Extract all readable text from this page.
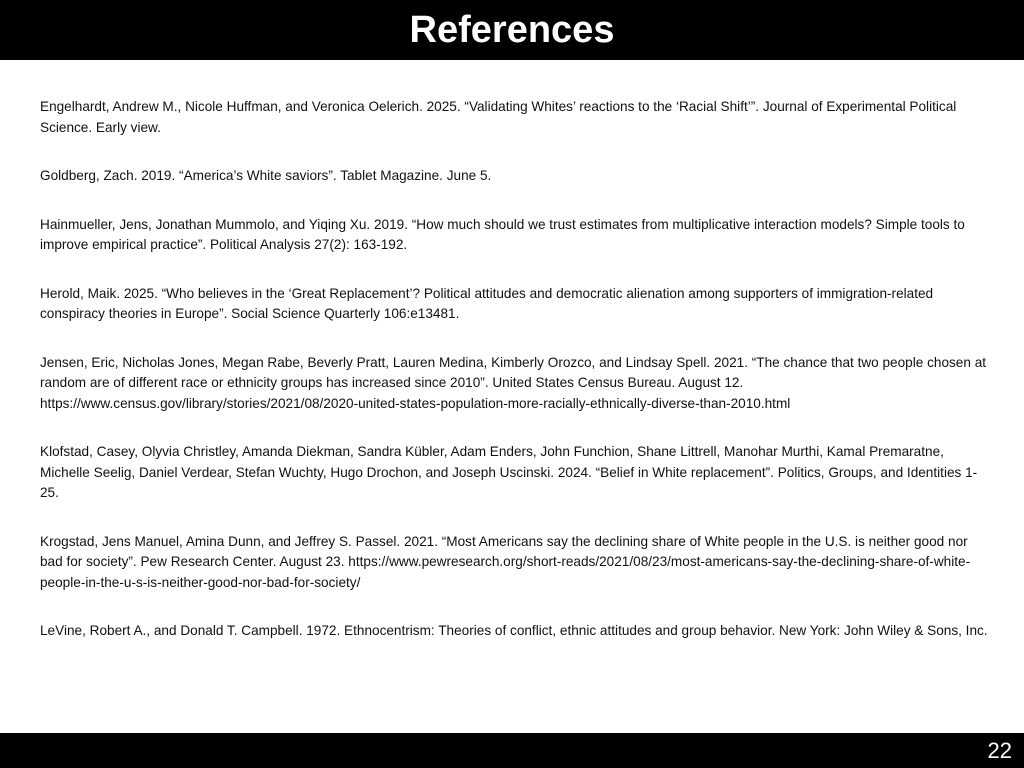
References

Engelhardt, Andrew M., Nicole Huffman, and Veronica Oelerich. 2025. “Validating Whites’ reactions to the ‘Racial Shift’”. Journal of Experimental Political Science. Early view.

Goldberg, Zach. 2019. “America’s White saviors”. Tablet Magazine. June 5.

Hainmueller, Jens, Jonathan Mummolo, and Yiqing Xu. 2019. “How much should we trust estimates from multiplicative interaction models? Simple tools to improve empirical practice”. Political Analysis 27(2): 163-192.

Herold, Maik. 2025. “Who believes in the ‘Great Replacement’? Political attitudes and democratic alienation among supporters of immigration-related conspiracy theories in Europe”. Social Science Quarterly 106:e13481.

Jensen, Eric, Nicholas Jones, Megan Rabe, Beverly Pratt, Lauren Medina, Kimberly Orozco, and Lindsay Spell. 2021. “The chance that two people chosen at random are of different race or ethnicity groups has increased since 2010”. United States Census Bureau. August 12. https://www.census.gov/library/stories/2021/08/2020-united-states-population-more-racially-ethnically-diverse-than-2010.html

Klofstad, Casey, Olyvia Christley, Amanda Diekman, Sandra Kübler, Adam Enders, John Funchion, Shane Littrell, Manohar Murthi, Kamal Premaratne, Michelle Seelig, Daniel Verdear, Stefan Wuchty, Hugo Drochon, and Joseph Uscinski. 2024. “Belief in White replacement”. Politics, Groups, and Identities 1-25.

Krogstad, Jens Manuel, Amina Dunn, and Jeffrey S. Passel. 2021. “Most Americans say the declining share of White people in the U.S. is neither good nor bad for society”. Pew Research Center. August 23. https://www.pewresearch.org/short-reads/2021/08/23/most-americans-say-the-declining-share-of-white-people-in-the-u-s-is-neither-good-nor-bad-for-society/

LeVine, Robert A., and Donald T. Campbell. 1972. Ethnocentrism: Theories of conflict, ethnic attitudes and group behavior. New York: John Wiley & Sons, Inc.

22
